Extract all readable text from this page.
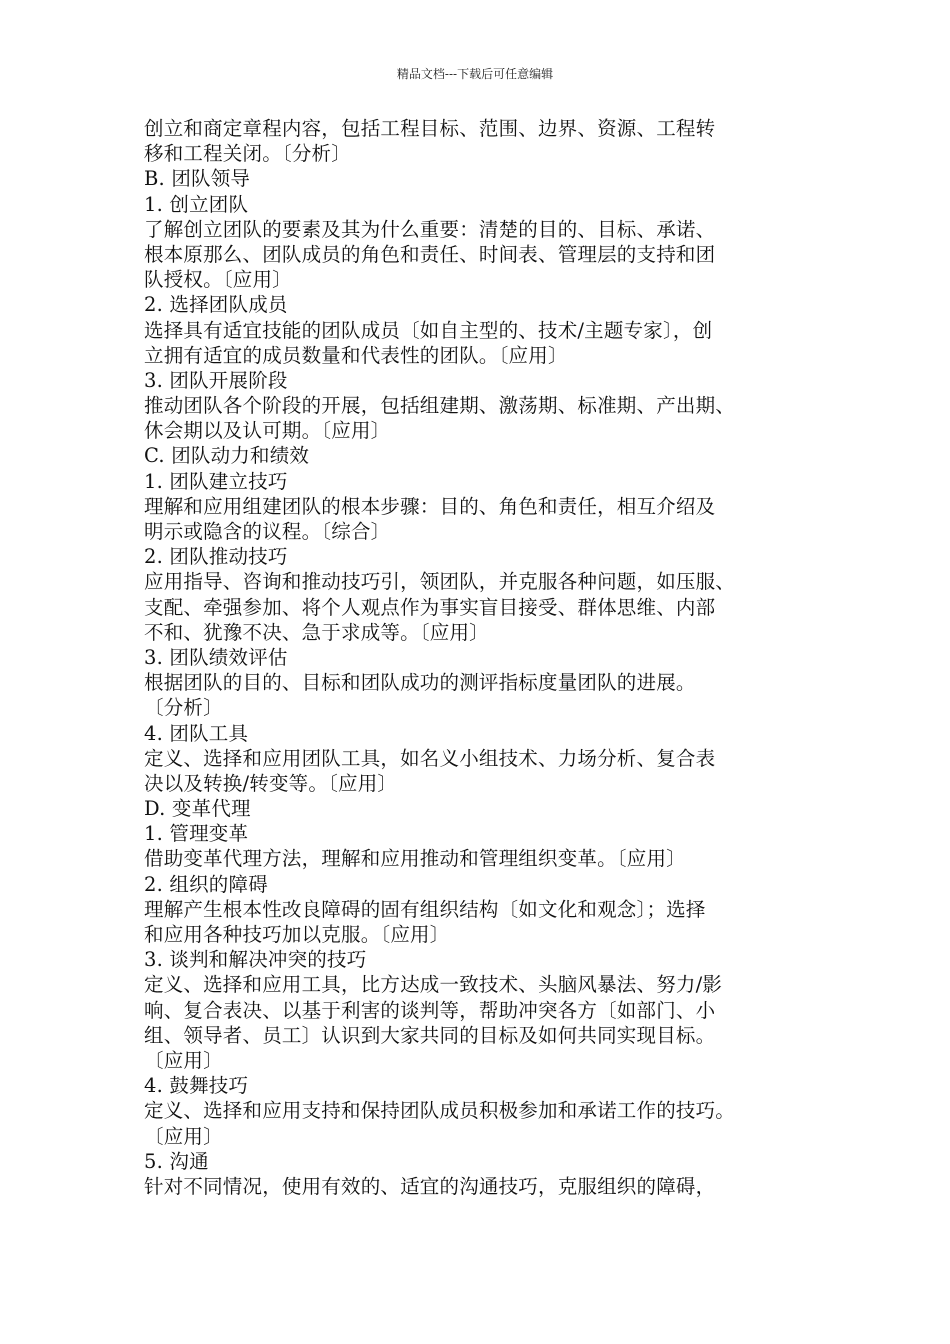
精品文档---下载后可任意编辑
创立和商定章程内容，包括工程目标、范围、边界、资源、工程转
移和工程关闭。〔分析〕
B. 团队领导
1. 创立团队
了解创立团队的要素及其为什么重要：清楚的目的、目标、承诺、
根本原那么、团队成员的角色和责任、时间表、管理层的支持和团
队授权。〔应用〕
2. 选择团队成员
选择具有适宜技能的团队成员〔如自主型的、技术/主题专家〕，创
立拥有适宜的成员数量和代表性的团队。〔应用〕
3. 团队开展阶段
推动团队各个阶段的开展，包括组建期、激荡期、标准期、产出期、
休会期以及认可期。〔应用〕
C. 团队动力和绩效
1. 团队建立技巧
理解和应用组建团队的根本步骤：目的、角色和责任，相互介绍及
明示或隐含的议程。〔综合〕
2. 团队推动技巧
应用指导、咨询和推动技巧引，领团队，并克服各种问题，如压服、
支配、牵强参加、将个人观点作为事实盲目接受、群体思维、内部
不和、犹豫不决、急于求成等。〔应用〕
3. 团队绩效评估
根据团队的目的、目标和团队成功的测评指标度量团队的进展。
〔分析〕
4. 团队工具
定义、选择和应用团队工具，如名义小组技术、力场分析、复合表
决以及转换/转变等。〔应用〕
D. 变革代理
1. 管理变革
借助变革代理方法，理解和应用推动和管理组织变革。〔应用〕
2. 组织的障碍
理解产生根本性改良障碍的固有组织结构〔如文化和观念〕；选择
和应用各种技巧加以克服。〔应用〕
3. 谈判和解决冲突的技巧
定义、选择和应用工具，比方达成一致技术、头脑风暴法、努力/影
响、复合表决、以基于利害的谈判等，帮助冲突各方〔如部门、小
组、领导者、员工〕认识到大家共同的目标及如何共同实现目标。
〔应用〕
4. 鼓舞技巧
定义、选择和应用支持和保持团队成员积极参加和承诺工作的技巧。
〔应用〕
5. 沟通
针对不同情况，使用有效的、适宜的沟通技巧，克服组织的障碍，
